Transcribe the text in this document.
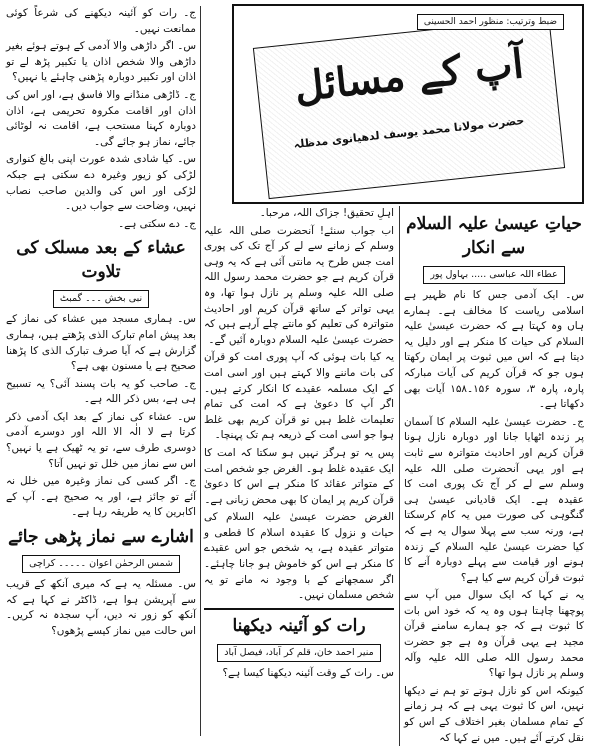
ضبط وترتیب: منظور احمد الحسینی
آپ کے مسائل
حضرت مولانا محمد یوسف لدھیانوی مدظلہ
حیاتِ عیسیٰ علیہ السلام سے انکار
عطاء اللہ عباسی ..... بہاول پور

س۔ ایک آدمی جس کا نام ظہیر ہے اسلامی ریاست کا مخالف ہے۔ ہمارے ہاں وہ کہتا ہے کہ حضرت عیسیٰ علیہ السلام کی حیات کا منکر ہے اور دلیل یہ دیتا ہے کہ اس میں ثبوت پر ایمان رکھتا ہوں جو کہ قرآن کریم کی آیات مبارکہ پارہ، پارہ ۳، سورہ ۱۵۶۔۱۵۸ آیات بھی دکھاتا ہے۔

ج۔ حضرت عیسیٰ علیہ السلام کا آسمان پر زندہ اٹھایا جانا اور دوبارہ نازل ہونا قرآن کریم اور احادیث متواترہ سے ثابت ہے اور یہی آنحضرت صلی اللہ علیہ وسلم سے لے کر آج تک پوری امت کا عقیدہ ہے۔ ایک قادیانی عیسیٰ ہی گنگوہی کی صورت میں یہ کام کرسکتا ہے، ورنہ سب سے پہلا سوال یہ ہے کہ کیا حضرت عیسیٰ علیہ السلام کے زندہ ہونے اور قیامت سے پہلے دوبارہ آنے کا ثبوت قرآن کریم سے کیا ہے؟

یہ نے کہا کہ ایک سوال میں آپ سے پوچھنا چاہتا ہوں وہ یہ کہ خود اس بات کا ثبوت ہے کہ جو ہمارے سامنے قرآن مجید ہے یہی قرآن وہ ہے جو حضرت محمد رسول اللہ صلی اللہ علیہ وآلہ وسلم پر نازل ہوا تھا؟

کیونکہ اس کو نازل ہوتے تو ہم نے دیکھا نہیں، اس کا ثبوت یہی ہے کہ ہر زمانے کے تمام مسلمان بغیر اختلاف کے اس کو نقل کرتے آئے ہیں۔ میں نے کہا کہ

اہلِ تحقیق! جزاک اللہ، مرحبا۔

اب جواب سنئے! آنحضرت صلی اللہ علیہ وسلم کے زمانے سے لے کر آج تک کی پوری امت جس طرح یہ مانتی آئی ہے کہ یہ وہی قرآن کریم ہے جو حضرت محمد رسول اللہ صلی اللہ علیہ وسلم پر نازل ہوا تھا، وہ یہی تواتر کے ساتھ قرآن کریم اور احادیث متواترہ کی تعلیم کو مانتے چلے آرہے ہیں کہ حضرت عیسیٰ علیہ السلام دوبارہ آئیں گے۔

یہ کیا بات ہوئی کہ آپ پوری امت کو قرآن کی بات ماننے والا کہتے ہیں اور اسی امت کے ایک مسلمہ عقیدے کا انکار کرتے ہیں۔ اگر آپ کا دعویٰ ہے کہ امت کی تمام تعلیمات غلط ہیں تو قرآن کریم بھی غلط ہوا جو اسی امت کے ذریعہ ہم تک پہنچا۔

پس یہ تو ہرگز نہیں ہو سکتا کہ امت کا ایک عقیدہ غلط ہو۔ الغرض جو شخص امت کے متواتر عقائد کا منکر ہے اس کا دعویٰ قرآن کریم پر ایمان کا بھی محض زبانی ہے۔

الغرض حضرت عیسیٰ علیہ السلام کی حیات و نزول کا عقیدہ اسلام کا قطعی و متواتر عقیدہ ہے، یہ شخص جو اس عقیدے کا منکر ہے اس کو خاموش ہو جانا چاہئے۔ اگر سمجھانے کے با وجود نہ مانے تو یہ شخص مسلمان نہیں۔

رات کو آئینہ دیکھنا
منیر احمد خان، قلم کر آباد، فیصل آباد

س۔ رات کے وقت آئینہ دیکھنا کیسا ہے؟

ج۔ رات کو آئینہ دیکھنے کی شرعاً کوئی ممانعت نہیں۔

س۔ اگر داڑھی والا آدمی کے ہوتے ہوئے بغیر داڑھی والا شخص اذان یا تکبیر پڑھ لے تو اذان اور تکبیر دوبارہ پڑھنی چاہئے یا نہیں؟

ج۔ ڈاڑھی منڈانے والا فاسق ہے، اور اس کی اذان اور اقامت مکروہ تحریمی ہے، اذان دوبارہ کہنا مستحب ہے، اقامت نہ لوٹائی جائے، نماز ہو جائے گی۔

س۔ کیا شادی شدہ عورت اپنی بالغ کنواری لڑکی کو زیور وغیرہ دے سکتی ہے جبکہ لڑکی اور اس کی والدین صاحب نصاب نہیں، وضاحت سے جواب دیں۔

ج۔ دے سکتی ہے۔

عشاء کے بعد مسلک کی تلاوت
نبی بخش ۔۔۔ گمبٹ

س۔ ہماری مسجد میں عشاء کی نماز کے بعد پیش امام تبارک الذی پڑھتے ہیں، ہماری گزارش ہے کہ آیا صرف تبارک الذی کا پڑھنا صحیح ہے یا مسنون بھی ہے؟

ج۔ صاحب کو یہ بات پسند آئی؟ یہ تسبیح ہی ہے، بس ذکر اللہ ہے۔

س۔ عشاء کی نماز کے بعد ایک آدمی ذکر کرتا ہے لا الٰہ الا اللہ اور دوسرے آدمی دوسری طرف سے، تو یہ ٹھیک ہے یا نہیں؟ اس سے نماز میں خلل تو نہیں آتا؟

ج۔ اگر کسی کی نماز وغیرہ میں خلل نہ آئے تو جائز ہے، اور یہ صحیح ہے۔ آپ کے اکابرین کا یہ طریقہ رہا ہے۔

اشارے سے نماز پڑھی جائے
شمس الرحمٰن اعوان ۔۔۔۔۔ کراچی

س۔ مسئلہ یہ ہے کہ میری آنکھ کے قریب سے آپریشن ہوا ہے، ڈاکٹر نے کہا ہے کہ آنکھ کو زور نہ دیں، آپ سجدہ نہ کریں۔ اس حالت میں نماز کیسے پڑھوں؟
